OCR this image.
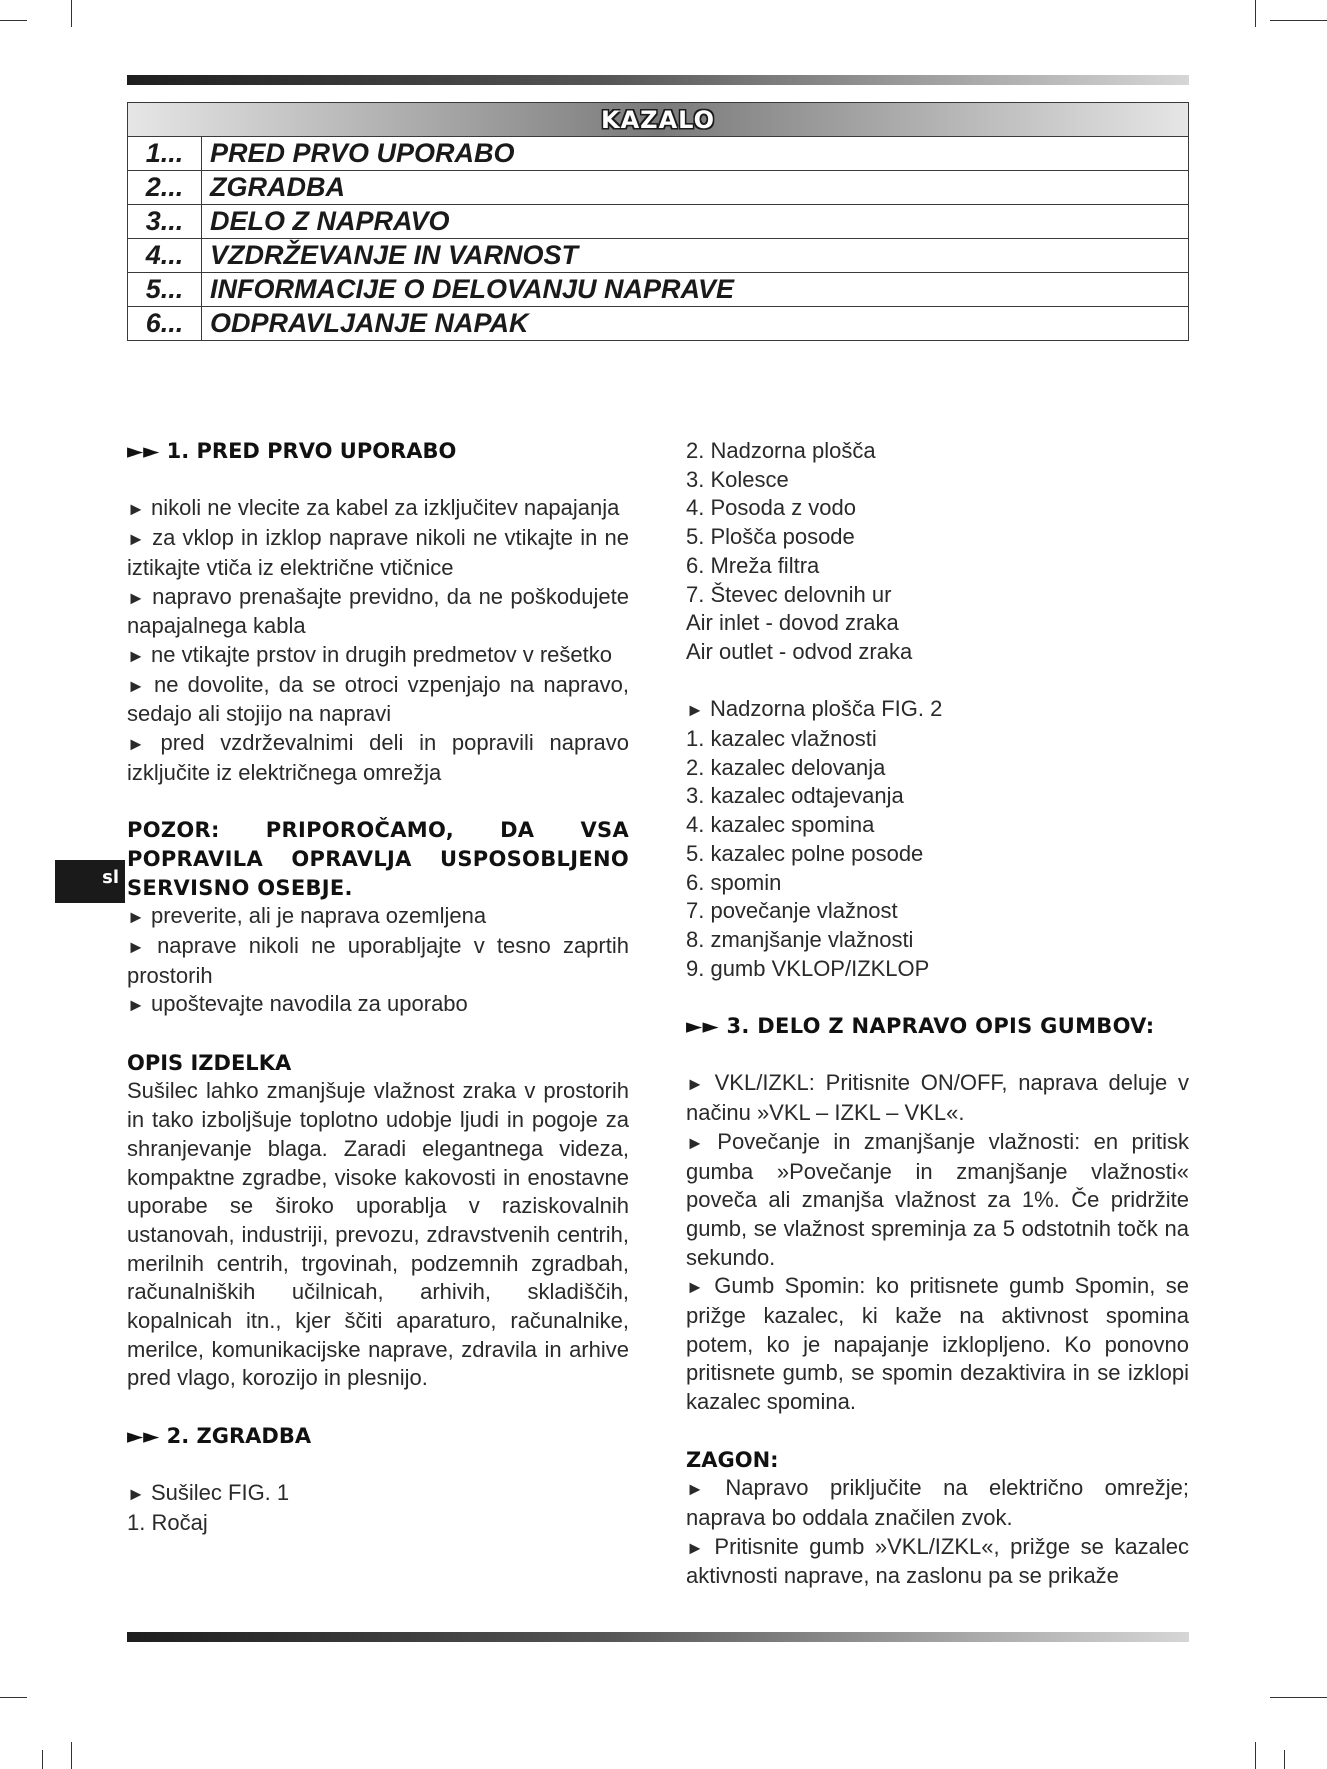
KAZALO	
1...	PRED PRVO UPORABO
2...	ZGRADBA
3...	DELO Z NAPRAVO
4...	VZDRŽEVANJE IN VARNOST
5...	INFORMACIJE O DELOVANJU NAPRAVE
6...	ODPRAVLJANJE NAPAK
sl

►► 1. PRED PRVO UPORABO

► nikoli ne vlecite za kabel za izključitev napajanja

► za vklop in izklop naprave nikoli ne vtikajte in ne iztikajte vtiča iz električne vtičnice

► napravo prenašajte previdno, da ne poškodujete napajalnega kabla

► ne vtikajte prstov in drugih predmetov v rešetko

► ne dovolite, da se otroci vzpenjajo na napravo, sedajo ali stojijo na napravi

► pred vzdrževalnimi deli in popravili napravo izključite iz električnega omrežja

POZOR: PRIPOROČAMO, DA VSA POPRAVILA OPRAVLJA USPOSOBLJENO SERVISNO OSEBJE.

► preverite, ali je naprava ozemljena

► naprave nikoli ne uporabljajte v tesno zaprtih prostorih

► upoštevajte navodila za uporabo

OPIS IZDELKA

Sušilec lahko zmanjšuje vlažnost zraka v prostorih in tako izboljšuje toplotno udobje ljudi in pogoje za shranjevanje blaga. Zaradi elegantnega videza, kompaktne zgradbe, visoke kakovosti in enostavne uporabe se široko uporablja v raziskovalnih ustanovah, industriji, prevozu, zdravstvenih centrih, merilnih centrih, trgovinah, podzemnih zgradbah, računalniških učilnicah, arhivih, skladiščih, kopalnicah itn., kjer ščiti aparaturo, računalnike, merilce, komunikacijske naprave, zdravila in arhive pred vlago, korozijo in plesnijo.

►► 2. ZGRADBA

► Sušilec FIG. 1

1. Ročaj

2. Nadzorna plošča

3. Kolesce

4. Posoda z vodo

5. Plošča posode

6. Mreža filtra

7. Števec delovnih ur

Air inlet - dovod zraka

Air outlet - odvod zraka

► Nadzorna plošča FIG. 2

1. kazalec vlažnosti

2. kazalec delovanja

3. kazalec odtajevanja

4. kazalec spomina

5. kazalec polne posode

6. spomin

7. povečanje vlažnost

8. zmanjšanje vlažnosti

9. gumb VKLOP/IZKLOP

►► 3. DELO Z NAPRAVO OPIS GUMBOV:

► VKL/IZKL: Pritisnite ON/OFF, naprava deluje v načinu »VKL – IZKL – VKL«.

► Povečanje in zmanjšanje vlažnosti: en pritisk gumba »Povečanje in zmanjšanje vlažnosti« poveča ali zmanjša vlažnost za 1%. Če pridržite gumb, se vlažnost spreminja za 5 odstotnih točk na sekundo.

► Gumb Spomin: ko pritisnete gumb Spomin, se prižge kazalec, ki kaže na aktivnost spomina potem, ko je napajanje izklopljeno. Ko ponovno pritisnete gumb, se spomin dezaktivira in se izklopi kazalec spomina.

ZAGON:

► Napravo priključite na električno omrežje; naprava bo oddala značilen zvok.

► Pritisnite gumb »VKL/IZKL«, prižge se kazalec aktivnosti naprave, na zaslonu pa se prikaže
